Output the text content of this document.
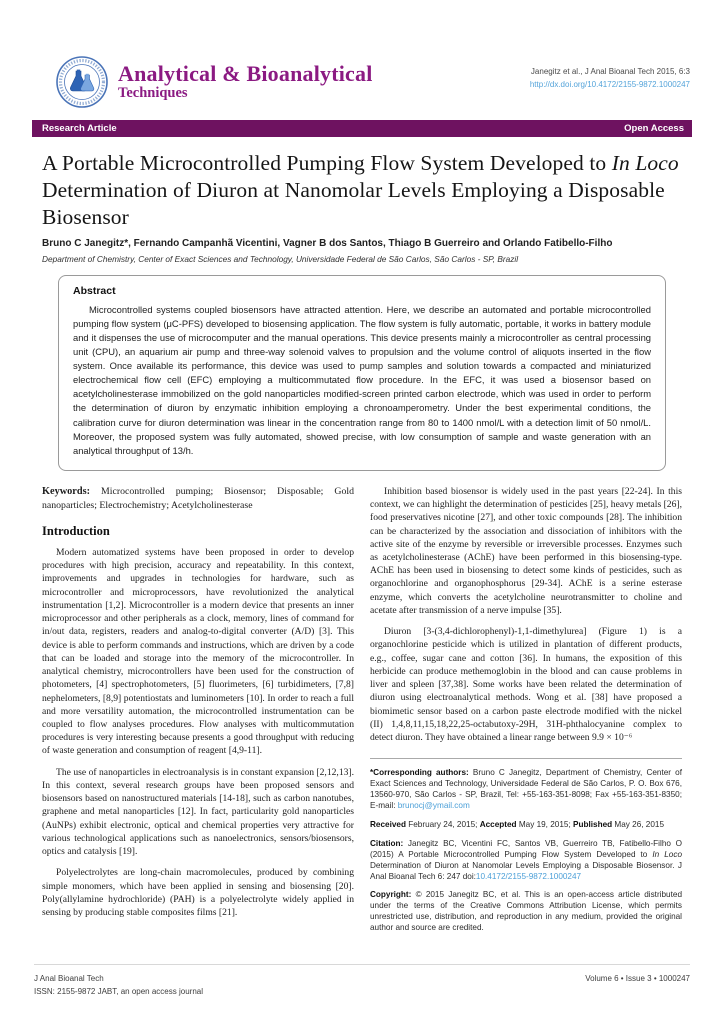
Analytical & Bioanalytical
Techniques
Janegitz et al., J Anal Bioanal Tech 2015, 6:3
http://dx.doi.org/10.4172/2155-9872.1000247
Research Article	Open Access
A Portable Microcontrolled Pumping Flow System Developed to In Loco Determination of Diuron at Nanomolar Levels Employing a Disposable Biosensor

Bruno C Janegitz*, Fernando Campanhã Vicentini, Vagner B dos Santos, Thiago B Guerreiro and Orlando Fatibello-Filho

Department of Chemistry, Center of Exact Sciences and Technology, Universidade Federal de São Carlos, São Carlos - SP, Brazil

Abstract

Microcontrolled systems coupled biosensors have attracted attention. Here, we describe an automated and portable microcontrolled pumping flow system (μC-PFS) developed to biosensing application. The flow system is fully automatic, portable, it works in battery module and it dispenses the use of microcomputer and the manual operations. This device presents mainly a microcontroller as central processing unit (CPU), an aquarium air pump and three-way solenoid valves to propulsion and the volume control of aliquots inserted in the flow system. Once available its performance, this device was used to pump samples and solution towards a compacted and miniaturized electrochemical flow cell (EFC) employing a multicommutated flow procedure. In the EFC, it was used a biosensor based on acetylcholinesterase immobilized on the gold nanoparticles modified-screen printed carbon electrode, which was used in order to perform the determination of diuron by enzymatic inhibition employing a chronoamperometry. Under the best experimental conditions, the calibration curve for diuron determination was linear in the concentration range from 80 to 1400 nmol/L with a detection limit of 50 nmol/L. Moreover, the proposed system was fully automated, showed precise, with low consumption of sample and waste generation with an analytical throughput of 13/h.

Keywords: Microcontrolled pumping; Biosensor; Disposable; Gold nanoparticles; Electrochemistry; Acetylcholinesterase

Introduction

Modern automatized systems have been proposed in order to develop procedures with high precision, accuracy and repeatability. In this context, improvements and upgrades in technologies for hardware, such as microcontroller and microprocessors, have revolutionized the analytical instrumentation [1,2]. Microcontroller is a modern device that presents an inner microprocessor and other peripherals as a clock, memory, lines of command for in/out data, registers, readers and analog-to-digital converter (A/D) [3]. This device is able to perform commands and instructions, which are driven by a code that can be loaded and storage into the memory of the microcontroller. In analytical chemistry, microcontrollers have been used for the construction of photometers, [4] spectrophotometers, [5] fluorimeters, [6] turbidimeters, [7,8] nephelometers, [8,9] potentiostats and luminometers [10]. In order to reach a full and more versatility automation, the microcontrolled instrumentation can be coupled to flow analyses procedures. Flow analyses with multicommutation procedures is very interesting because presents a good throughput with reducing of waste generation and consumption of reagent [4,9-11].

The use of nanoparticles in electroanalysis is in constant expansion [2,12,13]. In this context, several research groups have been proposed sensors and biosensors based on nanostructured materials [14-18], such as carbon nanotubes, graphene and metal nanoparticles [12]. In fact, particularity gold nanoparticles (AuNPs) exhibit electronic, optical and chemical properties very attractive for various technological applications such as nanoelectronics, sensors/biosensors, optics and catalysis [19].

Polyelectrolytes are long-chain macromolecules, produced by combining simple monomers, which have been applied in sensing and biosensing [20]. Poly(allylamine hydrochloride) (PAH) is a polyelectrolyte widely applied in sensing by producing stable composites films [21].

Inhibition based biosensor is widely used in the past years [22-24]. In this context, we can highlight the determination of pesticides [25], heavy metals [26], food preservatives nicotine [27], and other toxic compounds [28]. The inhibition can be characterized by the association and dissociation of inhibitors with the active site of the enzyme by reversible or irreversible processes. Enzymes such as acetylcholinesterase (AChE) have been performed in this biosensing-type. AChE has been used in biosensing to detect some kinds of pesticides, such as organochlorine and organophosphorus [29-34]. AChE is a serine esterase enzyme, which converts the acetylcholine neurotransmitter to choline and acetate after transmission of a nerve impulse [35].

Diuron [3-(3,4-dichlorophenyl)-1,1-dimethylurea] (Figure 1) is a organochlorine pesticide which is utilized in plantation of different products, e.g., coffee, sugar cane and cotton [36]. In humans, the exposition of this herbicide can produce methemoglobin in the blood and can cause problems in liver and spleen [37,38]. Some works have been related the determination of diuron using electroanalytical methods. Wong et al. [38] have proposed a biomimetic sensor based on a carbon paste electrode modified with the nickel (II) 1,4,8,11,15,18,22,25-octabutoxy-29H, 31H-phthalocyanine complex to detect diuron. They have obtained a linear range between 9.9 × 10⁻⁶

*Corresponding authors: Bruno C Janegitz, Department of Chemistry, Center of Exact Sciences and Technology, Universidade Federal de São Carlos, P. O. Box 676, 13560-970, São Carlos - SP, Brazil, Tel: +55-163-351-8098; Fax +55-163-351-8350; E-mail: brunocj@ymail.com

Received February 24, 2015; Accepted May 19, 2015; Published May 26, 2015

Citation: Janegitz BC, Vicentini FC, Santos VB, Guerreiro TB, Fatibello-Filho O (2015) A Portable Microcontrolled Pumping Flow System Developed to In Loco Determination of Diuron at Nanomolar Levels Employing a Disposable Biosensor. J Anal Bioanal Tech 6: 247 doi:10.4172/2155-9872.1000247

Copyright: © 2015 Janegitz BC, et al. This is an open-access article distributed under the terms of the Creative Commons Attribution License, which permits unrestricted use, distribution, and reproduction in any medium, provided the original author and source are credited.

J Anal Bioanal Tech
ISSN: 2155-9872 JABT, an open access journal
Volume 6 • Issue 3 • 1000247
